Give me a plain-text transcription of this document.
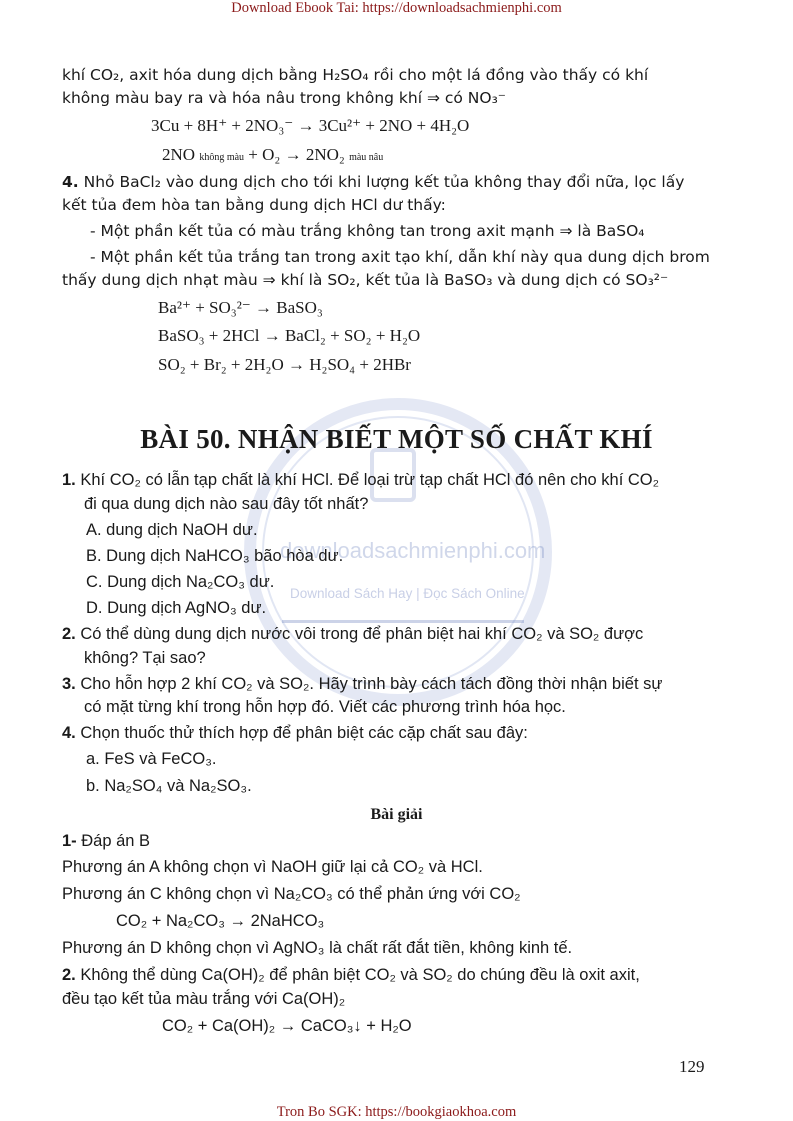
Download Ebook Tai: https://downloadsachmienphi.com
Tron Bo SGK: https://bookgiaokhoa.com
downloadsachmienphi.com
Download Sách Hay | Đọc Sách Online
khí CO₂, axit hóa dung dịch bằng H₂SO₄ rồi cho một lá đồng vào thấy có khí
không màu bay ra và hóa nâu trong không khí ⇒ có NO₃⁻
3Cu + 8H⁺ + 2NO₃⁻ → 3Cu²⁺ + 2NO + 4H₂O
2NO không màu + O₂ → 2NO₂ màu nâu
4. Nhỏ BaCl₂ vào dung dịch cho tới khi lượng kết tủa không thay đổi nữa, lọc lấy
kết tủa đem hòa tan bằng dung dịch HCl dư thấy:
- Một phần kết tủa có màu trắng không tan trong axit mạnh ⇒ là BaSO₄
- Một phần kết tủa trắng tan trong axit tạo khí, dẫn khí này qua dung dịch brom
thấy dung dịch nhạt màu ⇒ khí là SO₂, kết tủa là BaSO₃ và dung dịch có SO₃²⁻
Ba²⁺ + SO₃²⁻ → BaSO₃
BaSO₃ + 2HCl → BaCl₂ + SO₂ + H₂O
SO₂ + Br₂ + 2H₂O → H₂SO₄ + 2HBr
BÀI 50. NHẬN BIẾT MỘT SỐ CHẤT KHÍ
1. Khí CO₂ có lẫn tạp chất là khí HCl. Để loại trừ tạp chất HCl đó nên cho khí CO₂
đi qua dung dịch nào sau đây tốt nhất?
A. dung dịch NaOH dư.
B. Dung dịch NaHCO₃ bão hòa dư.
C. Dung dịch Na₂CO₃ dư.
D. Dung dịch AgNO₃ dư.
2. Có thể dùng dung dịch nước vôi trong để phân biệt hai khí CO₂ và SO₂ được
không? Tại sao?
3. Cho hỗn hợp 2 khí CO₂ và SO₂. Hãy trình bày cách tách đồng thời nhận biết sự
có mặt từng khí trong hỗn hợp đó. Viết các phương trình hóa học.
4. Chọn thuốc thử thích hợp để phân biệt các cặp chất sau đây:
a. FeS và FeCO₃.
b. Na₂SO₄ và Na₂SO₃.
Bài giải
1- Đáp án B
Phương án A không chọn vì NaOH giữ lại cả CO₂ và HCl.
Phương án C không chọn vì Na₂CO₃ có thể phản ứng với CO₂
CO₂ + Na₂CO₃ → 2NaHCO₃
Phương án D không chọn vì AgNO₃ là chất rất đắt tiền, không kinh tế.
2. Không thể dùng Ca(OH)₂ để phân biệt CO₂ và SO₂ do chúng đều là oxit axit,
đều tạo kết tủa màu trắng với Ca(OH)₂
CO₂ + Ca(OH)₂ → CaCO₃↓ + H₂O
129
